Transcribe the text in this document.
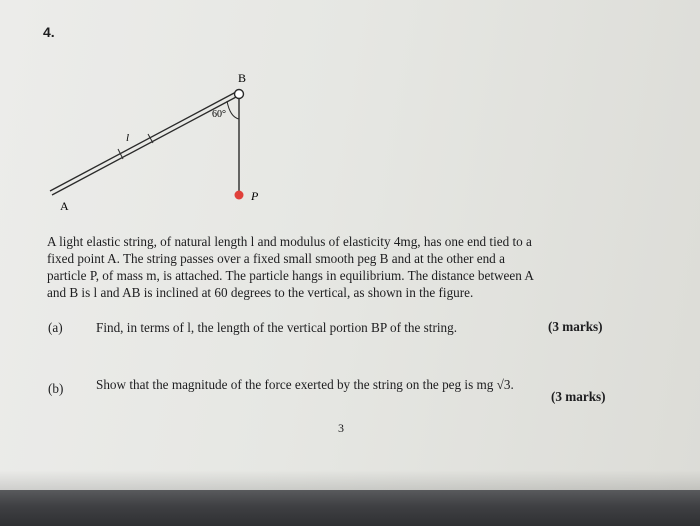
4.
A
B
P
l
60°
A light elastic string, of natural length l and modulus of elasticity 4mg, has one end tied to a
fixed point A. The string passes over a fixed small smooth peg B and at the other end a
particle P, of mass m, is attached. The particle hangs in equilibrium. The distance between A
and B is l and AB is inclined at 60 degrees to the vertical, as shown in the figure.
(a)	Find, in terms of l, the length of the vertical portion BP of the string.	(3 marks)
(b) Show that the magnitude of the force exerted by the string on the peg is mg √3.
(3 marks)
3
